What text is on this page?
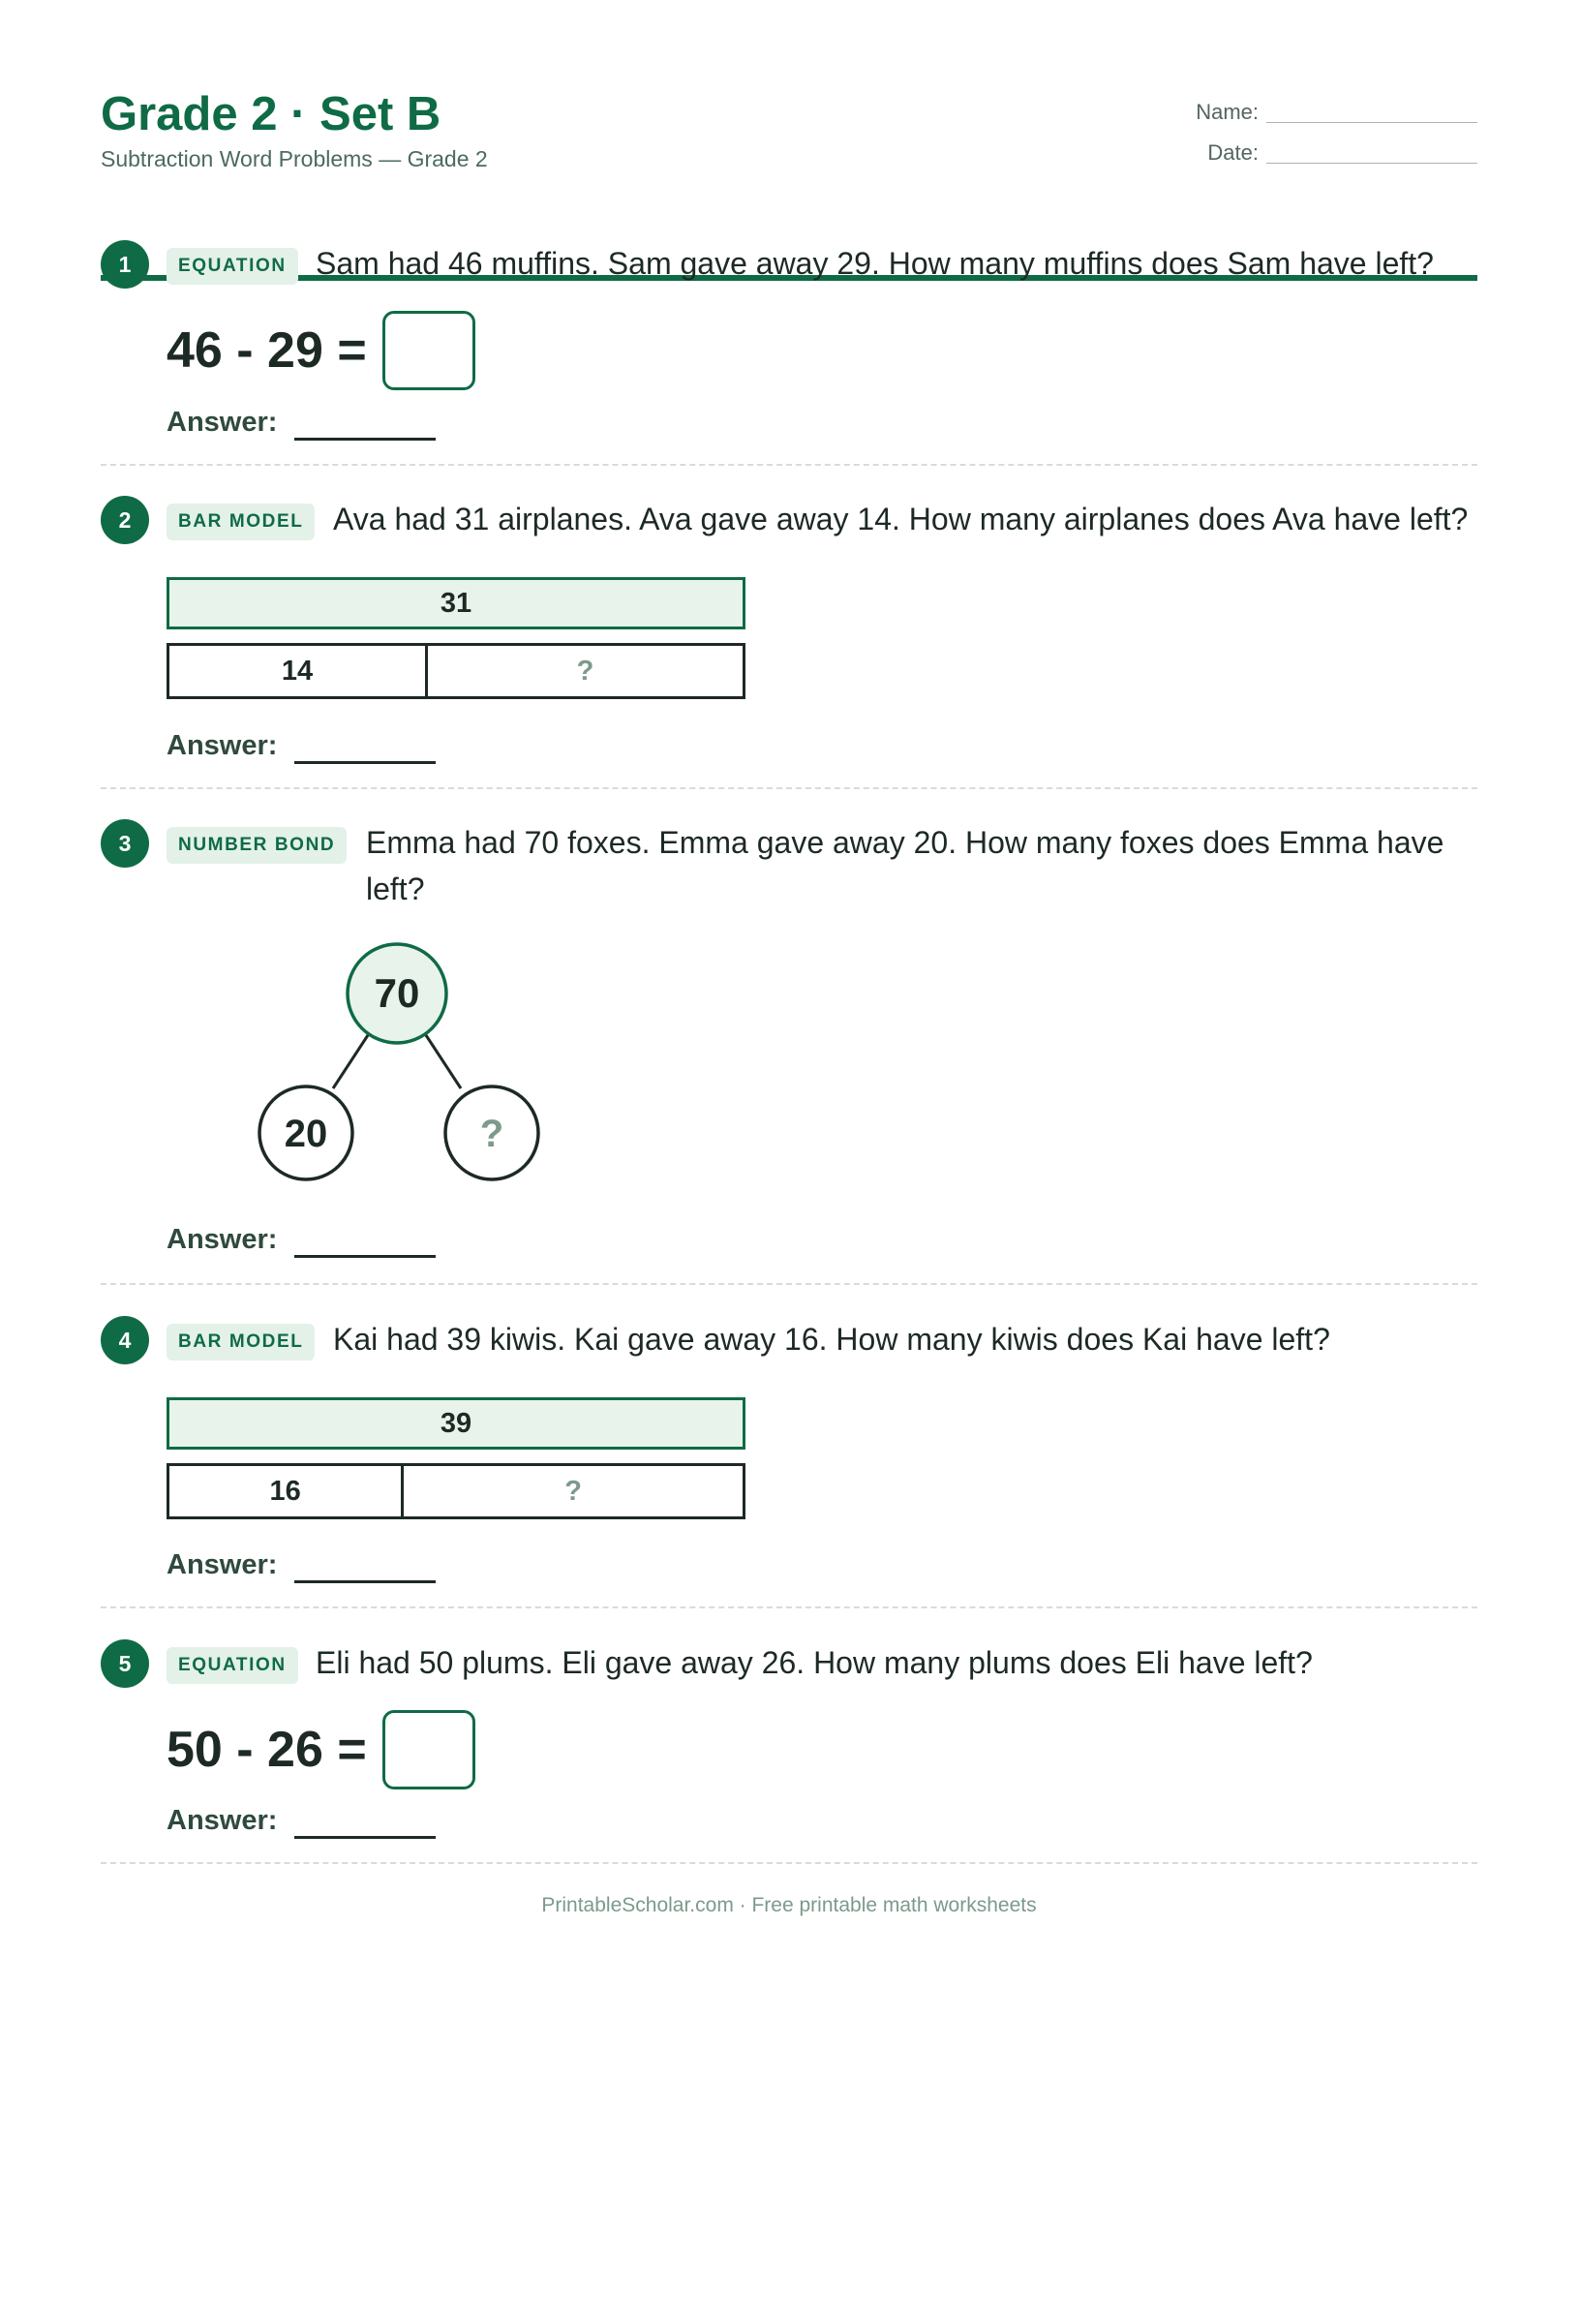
Grade 2 · Set B
Subtraction Word Problems — Grade 2
Name:
Date:
1	EQUATION Sam had 46 muffins. Sam gave away 29. How many muffins does Sam have left?
46 - 29 =
Answer:
2	BAR MODEL Ava had 31 airplanes. Ava gave away 14. How many airplanes does Ava have left?
31
14	?
Answer:
3	NUMBER BOND Emma had 70 foxes. Emma gave away 20. How many foxes does Emma have left?
70
20	?
Answer:
4	BAR MODEL Kai had 39 kiwis. Kai gave away 16. How many kiwis does Kai have left?
39
16	?
Answer:
5	EQUATION Eli had 50 plums. Eli gave away 26. How many plums does Eli have left?
50 - 26 =
Answer:
PrintableScholar.com · Free printable math worksheets
